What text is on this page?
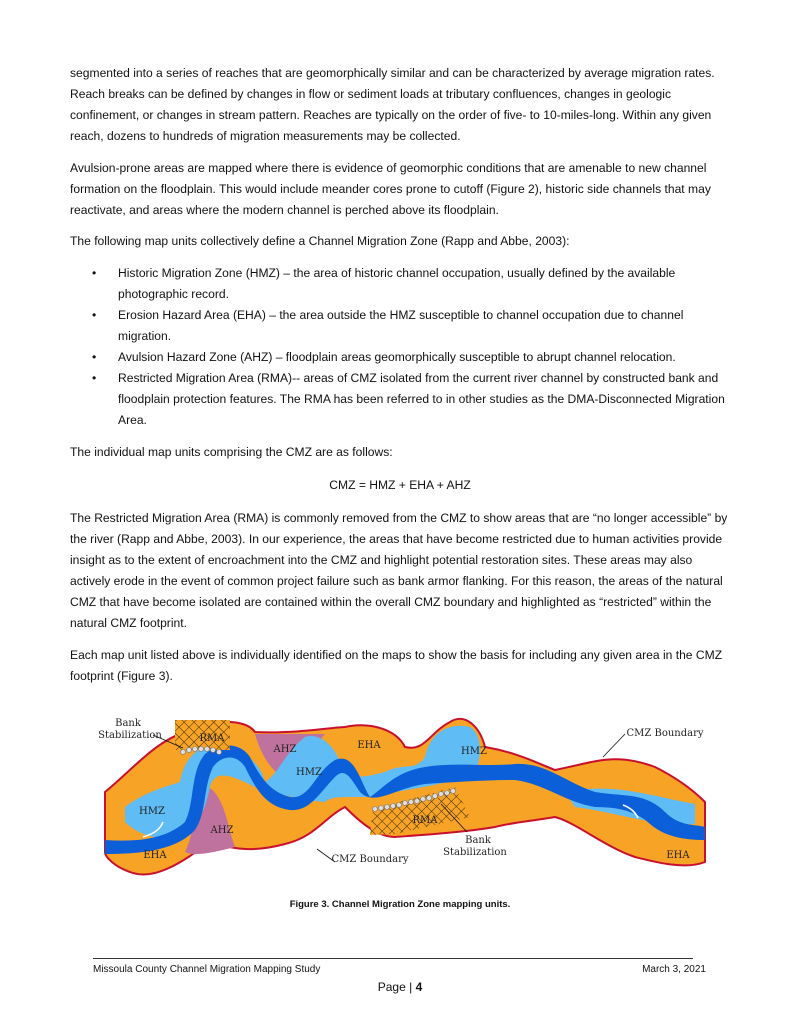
segmented into a series of reaches that are geomorphically similar and can be characterized by average migration rates. Reach breaks can be defined by changes in flow or sediment loads at tributary confluences, changes in geologic confinement, or changes in stream pattern. Reaches are typically on the order of five- to 10-miles-long. Within any given reach, dozens to hundreds of migration measurements may be collected.

Avulsion-prone areas are mapped where there is evidence of geomorphic conditions that are amenable to new channel formation on the floodplain. This would include meander cores prone to cutoff (Figure 2), historic side channels that may reactivate, and areas where the modern channel is perched above its floodplain.

The following map units collectively define a Channel Migration Zone (Rapp and Abbe, 2003):

• Historic Migration Zone (HMZ) – the area of historic channel occupation, usually defined by the available photographic record.
• Erosion Hazard Area (EHA) – the area outside the HMZ susceptible to channel occupation due to channel migration.
• Avulsion Hazard Zone (AHZ) – floodplain areas geomorphically susceptible to abrupt channel relocation.
• Restricted Migration Area (RMA)-- areas of CMZ isolated from the current river channel by constructed bank and floodplain protection features. The RMA has been referred to in other studies as the DMA-Disconnected Migration Area.

The individual map units comprising the CMZ are as follows:

CMZ = HMZ + EHA + AHZ

The Restricted Migration Area (RMA) is commonly removed from the CMZ to show areas that are “no longer accessible” by the river (Rapp and Abbe, 2003). In our experience, the areas that have become restricted due to human activities provide insight as to the extent of encroachment into the CMZ and highlight potential restoration sites. These areas may also actively erode in the event of common project failure such as bank armor flanking. For this reason, the areas of the natural CMZ that have become isolated are contained within the overall CMZ boundary and highlighted as “restricted” within the natural CMZ footprint.

Each map unit listed above is individually identified on the maps to show the basis for including any given area in the CMZ footprint (Figure 3).

Bank
Stabilization	RMA
AHZ	EHA
HMZ
HMZ
CMZ Boundary
HMZ
AHZ
EHA
RMA
Bank
Stabilization
CMZ Boundary	EHA
Figure 3. Channel Migration Zone mapping units.
Missoula County Channel Migration Mapping Study	March 3, 2021
Page | 4
